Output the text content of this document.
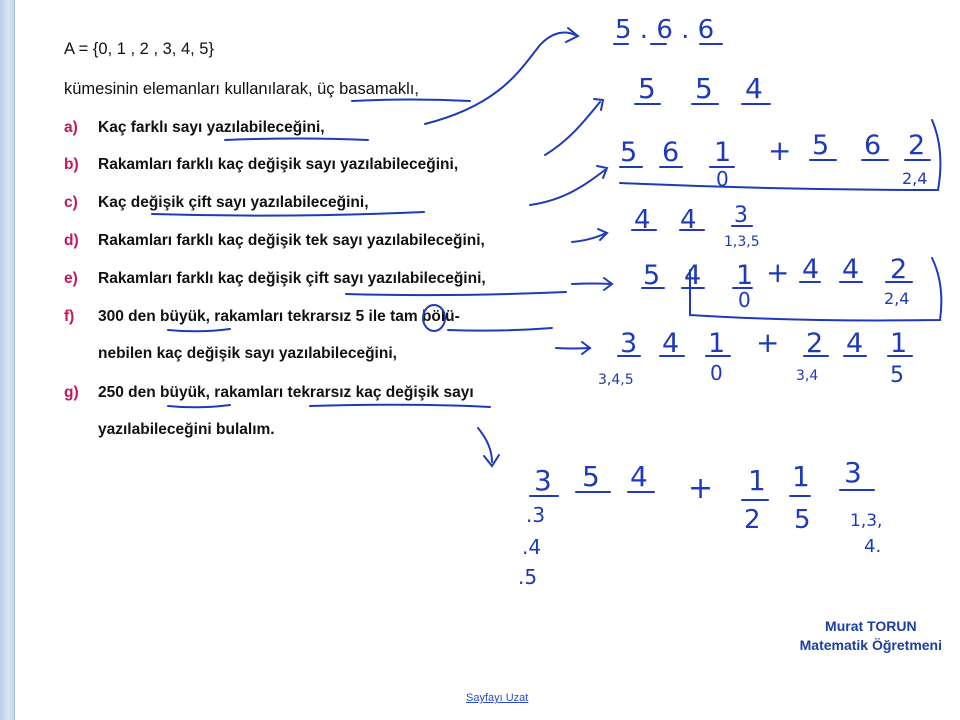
A = {0, 1 , 2 , 3, 4, 5}
kümesinin elemanları kullanılarak, üç basamaklı,
a) Kaç farklı sayı yazılabileceğini,
b) Rakamları farklı kaç değişik sayı yazılabileceğini,
c) Kaç değişik çift sayı yazılabileceğini,
d) Rakamları farklı kaç değişik tek sayı yazılabileceğini,
e) Rakamları farklı kaç değişik çift sayı yazılabileceğini,
f) 300 den büyük, rakamları tekrarsız 5 ile tam bölü-
nebilen kaç değişik sayı yazılabileceğini,
g) 250 den büyük, rakamları tekrarsız kaç değişik sayı
yazılabileceğini bulalım.
Murat TORUN
Matematik Öğretmeni
Sayfayı Uzat
5 . 6 . 6
5 5 4
5 6 1
0
+ 5 6 2
2,4
4 4 3
1,3,5
5 4 1
0
+ 4 4 2
2,4
3 4 1
3,4,5	0
+ 2 4 1
3,4	5
3 5 4
.3
.4
.5
+ 1 1 3
2 5 1,3,
4.
